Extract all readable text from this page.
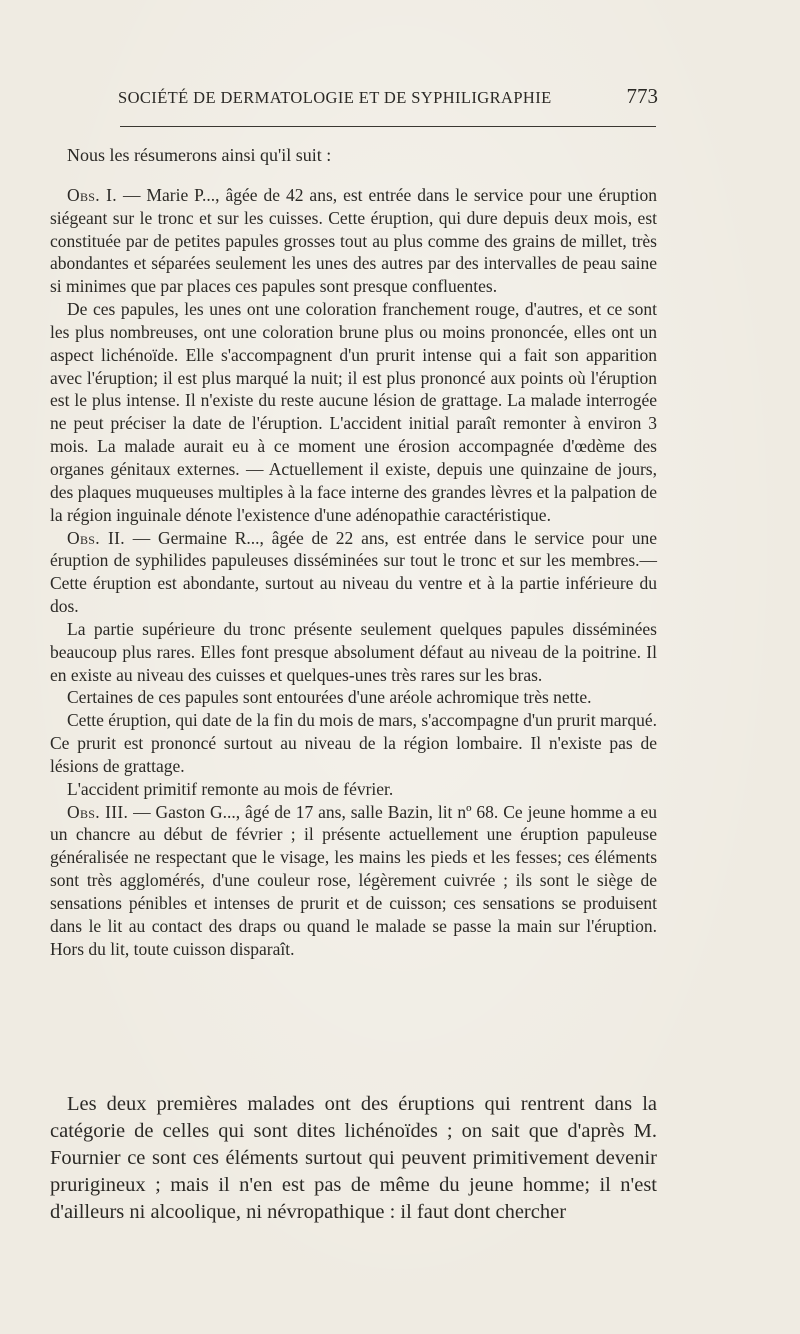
SOCIÉTÉ DE DERMATOLOGIE ET DE SYPHILIGRAPHIE	773

Nous les résumerons ainsi qu'il suit :

Obs. I. — Marie P..., âgée de 42 ans, est entrée dans le service pour une éruption siégeant sur le tronc et sur les cuisses. Cette éruption, qui dure depuis deux mois, est constituée par de petites papules grosses tout au plus comme des grains de millet, très abondantes et séparées seulement les unes des autres par des intervalles de peau saine si minimes que par places ces papules sont presque confluentes.

De ces papules, les unes ont une coloration franchement rouge, d'autres, et ce sont les plus nombreuses, ont une coloration brune plus ou moins prononcée, elles ont un aspect lichénoïde. Elle s'accompagnent d'un prurit intense qui a fait son apparition avec l'éruption; il est plus marqué la nuit; il est plus prononcé aux points où l'éruption est le plus intense. Il n'existe du reste aucune lésion de grattage. La malade interrogée ne peut préciser la date de l'éruption. L'accident initial paraît remonter à environ 3 mois. La malade aurait eu à ce moment une érosion accompagnée d'œdème des organes génitaux externes. — Actuellement il existe, depuis une quinzaine de jours, des plaques muqueuses multiples à la face interne des grandes lèvres et la palpation de la région inguinale dénote l'existence d'une adénopathie caractéristique.

Obs. II. — Germaine R..., âgée de 22 ans, est entrée dans le service pour une éruption de syphilides papuleuses disséminées sur tout le tronc et sur les membres.— Cette éruption est abondante, surtout au niveau du ventre et à la partie inférieure du dos.

La partie supérieure du tronc présente seulement quelques papules disséminées beaucoup plus rares. Elles font presque absolument défaut au niveau de la poitrine. Il en existe au niveau des cuisses et quelques-unes très rares sur les bras.

Certaines de ces papules sont entourées d'une aréole achromique très nette.

Cette éruption, qui date de la fin du mois de mars, s'accompagne d'un prurit marqué. Ce prurit est prononcé surtout au niveau de la région lombaire. Il n'existe pas de lésions de grattage.

L'accident primitif remonte au mois de février.

Obs. III. — Gaston G..., âgé de 17 ans, salle Bazin, lit nº 68. Ce jeune homme a eu un chancre au début de février ; il présente actuellement une éruption papuleuse généralisée ne respectant que le visage, les mains les pieds et les fesses; ces éléments sont très agglomérés, d'une couleur rose, légèrement cuivrée ; ils sont le siège de sensations pénibles et intenses de prurit et de cuisson; ces sensations se produisent dans le lit au contact des draps ou quand le malade se passe la main sur l'éruption. Hors du lit, toute cuisson disparaît.

Les deux premières malades ont des éruptions qui rentrent dans la catégorie de celles qui sont dites lichénoïdes ; on sait que d'après M. Fournier ce sont ces éléments surtout qui peuvent primitivement devenir prurigineux ; mais il n'en est pas de même du jeune homme; il n'est d'ailleurs ni alcoolique, ni névropathique : il faut dont chercher
